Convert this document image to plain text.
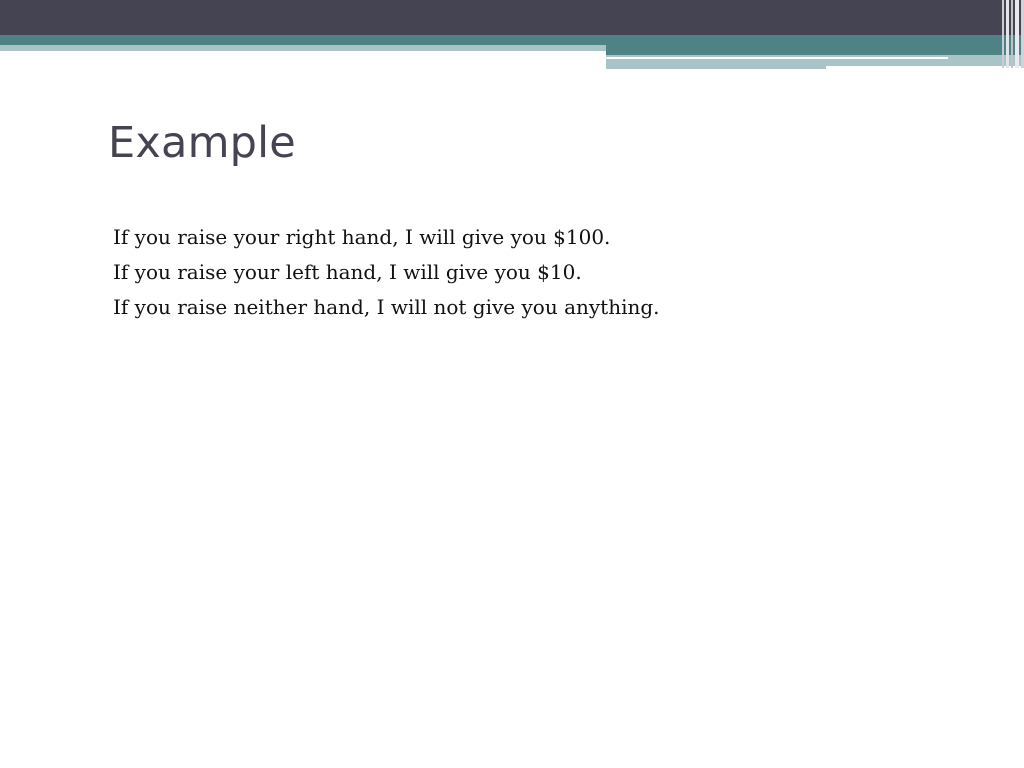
Example
If you raise your right hand, I will give you $100.
If you raise your left hand, I will give you $10.
If you raise neither hand, I will not give you anything.
